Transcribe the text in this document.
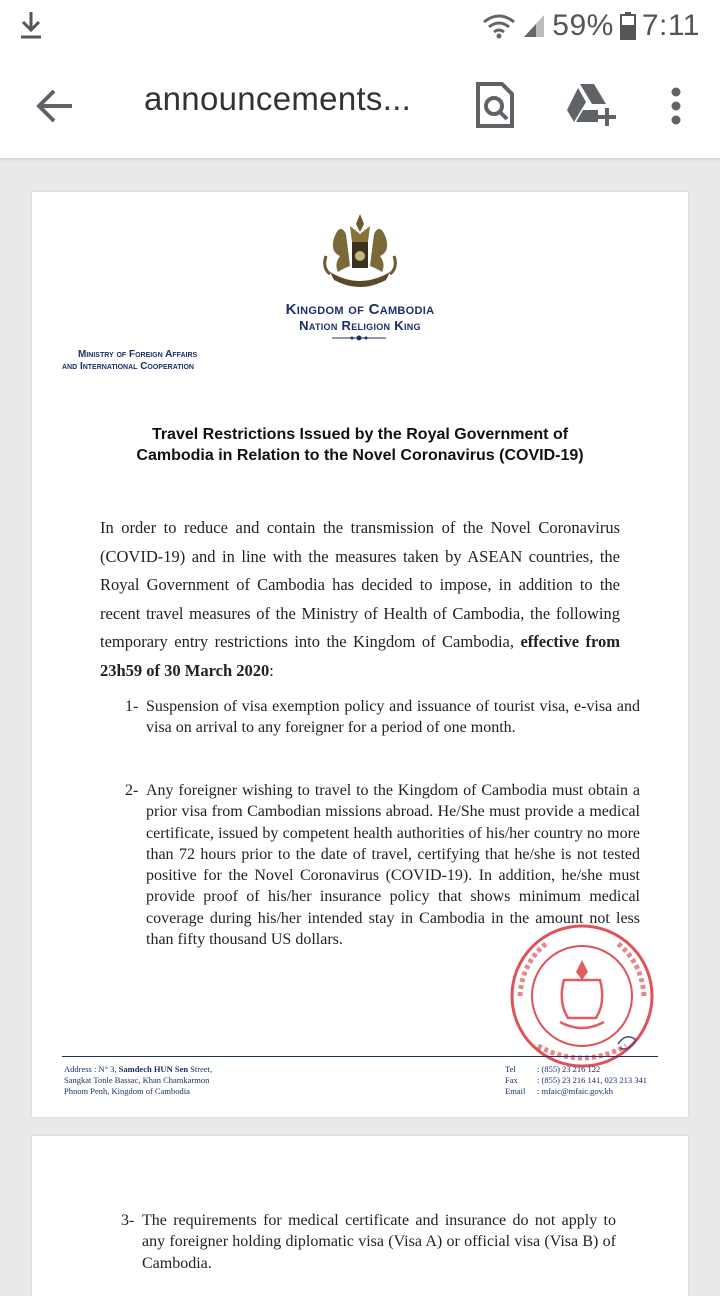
59% 7:11
announcements...
Kingdom of Cambodia
Nation Religion King
Ministry of Foreign Affairs
and International Cooperation
Travel Restrictions Issued by the Royal Government of
Cambodia in Relation to the Novel Coronavirus (COVID-19)
In order to reduce and contain the transmission of the Novel Coronavirus (COVID-19) and in line with the measures taken by ASEAN countries, the Royal Government of Cambodia has decided to impose, in addition to the recent travel measures of the Ministry of Health of Cambodia, the following temporary entry restrictions into the Kingdom of Cambodia, effective from 23h59 of 30 March 2020:
1- Suspension of visa exemption policy and issuance of tourist visa, e-visa and visa on arrival to any foreigner for a period of one month.
2- Any foreigner wishing to travel to the Kingdom of Cambodia must obtain a prior visa from Cambodian missions abroad. He/She must provide a medical certificate, issued by competent health authorities of his/her country no more than 72 hours prior to the date of travel, certifying that he/she is not tested positive for the Novel Coronavirus (COVID-19). In addition, he/she must provide proof of his/her insurance policy that shows minimum medical coverage during his/her intended stay in Cambodia in the amount not less than fifty thousand US dollars.
Address : N° 3, Samdech HUN Sen Street,
Sangkat Tonle Bassac, Khan Chamkarmon
Phnom Penh, Kingdom of Cambodia
Tel	: (855) 23 216 122
Fax	: (855) 23 216 141, 023 213 341
Email	: mfaic@mfaic.gov.kh
3- The requirements for medical certificate and insurance do not apply to any foreigner holding diplomatic visa (Visa A) or official visa (Visa B) of Cambodia.
